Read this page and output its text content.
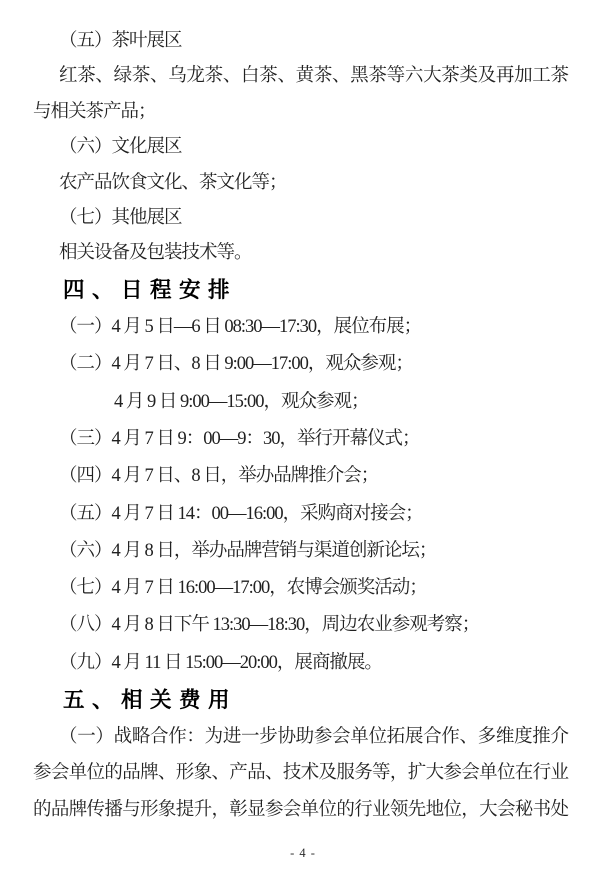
（五）茶叶展区
红茶、绿茶、乌龙茶、白茶、黄茶、黑茶等六大茶类及再加工茶
与相关茶产品；
（六）文化展区
农产品饮食文化、茶文化等；
（七）其他展区
相关设备及包装技术等。
四、日程安排
（一）4 月 5 日—6 日 08:30—17:30，展位布展；
（二）4 月 7 日、8 日 9:00—17:00，观众参观；
4 月 9 日 9:00—15:00，观众参观；
（三）4 月 7 日 9：00—9：30，举行开幕仪式；
（四）4 月 7 日、8 日，举办品牌推介会；
（五）4 月 7 日 14：00—16:00，采购商对接会；
（六）4 月 8 日，举办品牌营销与渠道创新论坛；
（七）4 月 7 日 16:00—17:00，农博会颁奖活动；
（八）4 月 8 日下午 13:30—18:30，周边农业参观考察；
（九）4 月 11 日 15:00—20:00，展商撤展。
五、相关费用
（一）战略合作：为进一步协助参会单位拓展合作、多维度推介
参会单位的品牌、形象、产品、技术及服务等，扩大参会单位在行业
的品牌传播与形象提升，彰显参会单位的行业领先地位，大会秘书处
- 4 -
